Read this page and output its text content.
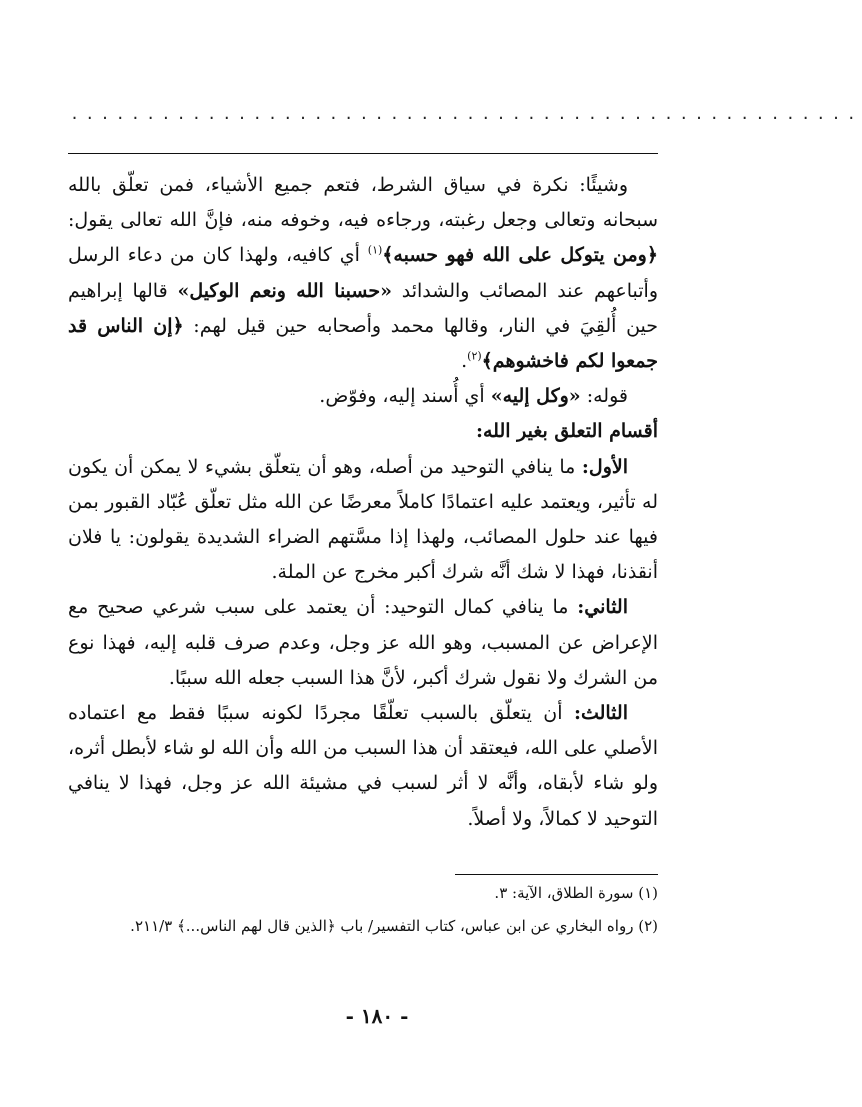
....................................................

وشيئًا: نكرة في سياق الشرط، فتعم جميع الأشياء، فمن تعلّق بالله سبحانه وتعالى وجعل رغبته، ورجاءه فيه، وخوفه منه، فإنَّ الله تعالى يقول: ﴿ومن يتوكل على الله فهو حسبه﴾$^{(١)}$ أي كافيه، ولهذا كان من دعاء الرسل وأتباعهم عند المصائب والشدائد «حسبنا الله ونعم الوكيل» قالها إبراهيم حين أُلقِيَ في النار، وقالها محمد وأصحابه حين قيل لهم: ﴿إن الناس قد جمعوا لكم فاخشوهم﴾$^{(٢)}$.

قوله: «وكل إليه» أي أُسند إليه، وفوّض.

أقسام التعلق بغير الله:

الأول: ما ينافي التوحيد من أصله، وهو أن يتعلّق بشيء لا يمكن أن يكون له تأثير، ويعتمد عليه اعتمادًا كاملاً معرضًا عن الله مثل تعلّق عُبّاد القبور بمن فيها عند حلول المصائب، ولهذا إذا مسَّتهم الضراء الشديدة يقولون: يا فلان أنقذنا، فهذا لا شك أنَّه شرك أكبر مخرج عن الملة.

الثاني: ما ينافي كمال التوحيد: أن يعتمد على سبب شرعي صحيح مع الإعراض عن المسبب، وهو الله عز وجل، وعدم صرف قلبه إليه، فهذا نوع من الشرك ولا نقول شرك أكبر، لأنَّ هذا السبب جعله الله سببًا.

الثالث: أن يتعلّق بالسبب تعلّقًا مجردًا لكونه سببًا فقط مع اعتماده الأصلي على الله، فيعتقد أن هذا السبب من الله وأن الله لو شاء لأبطل أثره، ولو شاء لأبقاه، وأنَّه لا أثر لسبب في مشيئة الله عز وجل، فهذا لا ينافي التوحيد لا كمالاً، ولا أصلاً.

(١) سورة الطلاق، الآية: ٣.

(٢) رواه البخاري عن ابن عباس، كتاب التفسير/ باب ﴿الذين قال لهم الناس...﴾ ٢١١/٣.

- ١٨٠ -
